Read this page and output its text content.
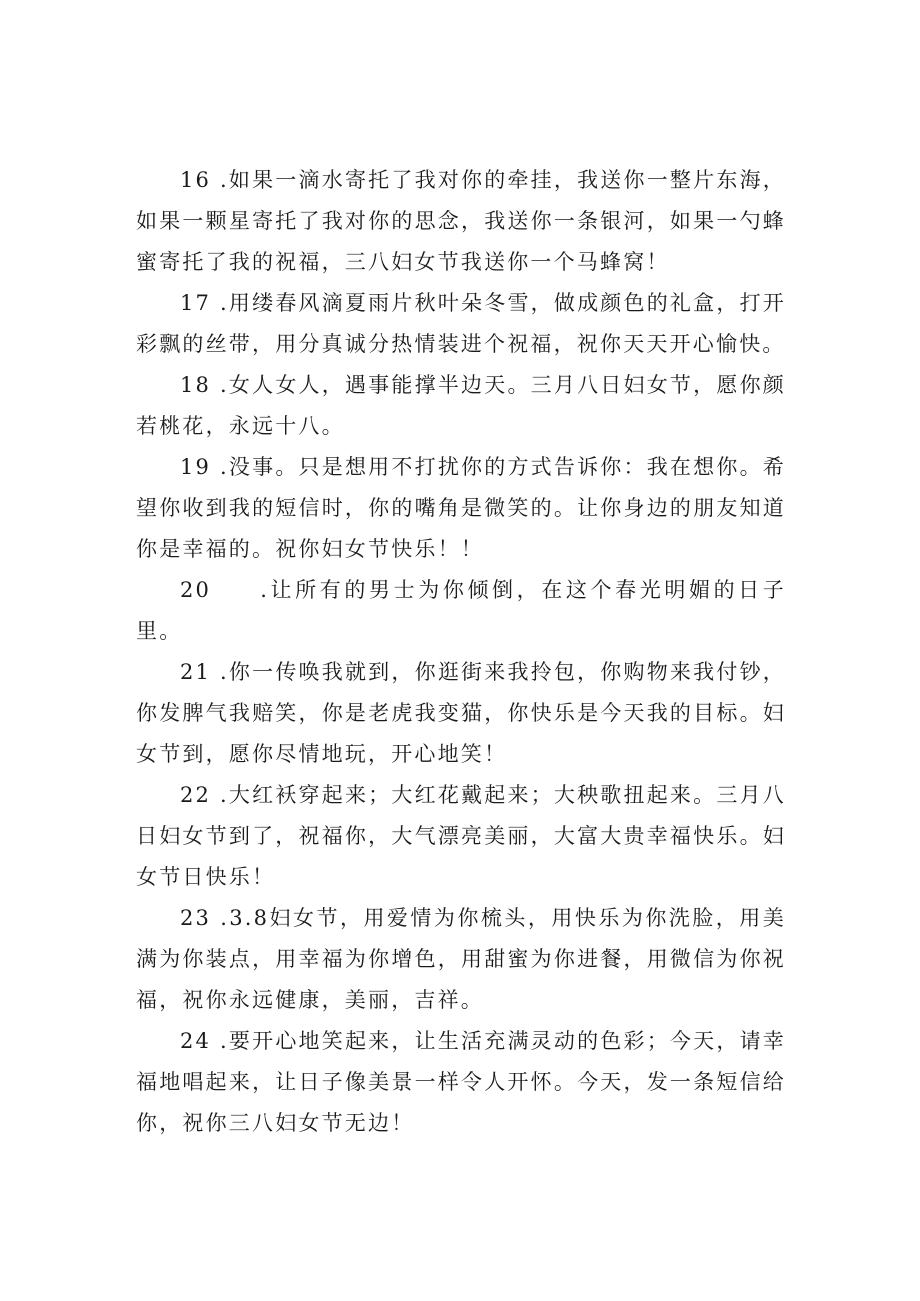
16 .如果一滴水寄托了我对你的牵挂，我送你一整片东海，如果一颗星寄托了我对你的思念，我送你一条银河，如果一勺蜂蜜寄托了我的祝福，三八妇女节我送你一个马蜂窝！

17 .用缕春风滴夏雨片秋叶朵冬雪，做成颜色的礼盒，打开彩飘的丝带，用分真诚分热情装进个祝福，祝你天天开心愉快。

18 .女人女人，遇事能撑半边天。三月八日妇女节，愿你颜若桃花，永远十八。

19 .没事。只是想用不打扰你的方式告诉你：我在想你。希望你收到我的短信时，你的嘴角是微笑的。让你身边的朋友知道你是幸福的。祝你妇女节快乐！！

20 .让所有的男士为你倾倒，在这个春光明媚的日子里。

21 .你一传唤我就到，你逛街来我拎包，你购物来我付钞，你发脾气我赔笑，你是老虎我变猫，你快乐是今天我的目标。妇女节到，愿你尽情地玩，开心地笑！

22 .大红袄穿起来；大红花戴起来；大秧歌扭起来。三月八日妇女节到了，祝福你，大气漂亮美丽，大富大贵幸福快乐。妇女节日快乐！

23 .3.8妇女节，用爱情为你梳头，用快乐为你洗脸，用美满为你装点，用幸福为你增色，用甜蜜为你进餐，用微信为你祝福，祝你永远健康，美丽，吉祥。

24 .要开心地笑起来，让生活充满灵动的色彩；今天，请幸福地唱起来，让日子像美景一样令人开怀。今天，发一条短信给你，祝你三八妇女节无边！
